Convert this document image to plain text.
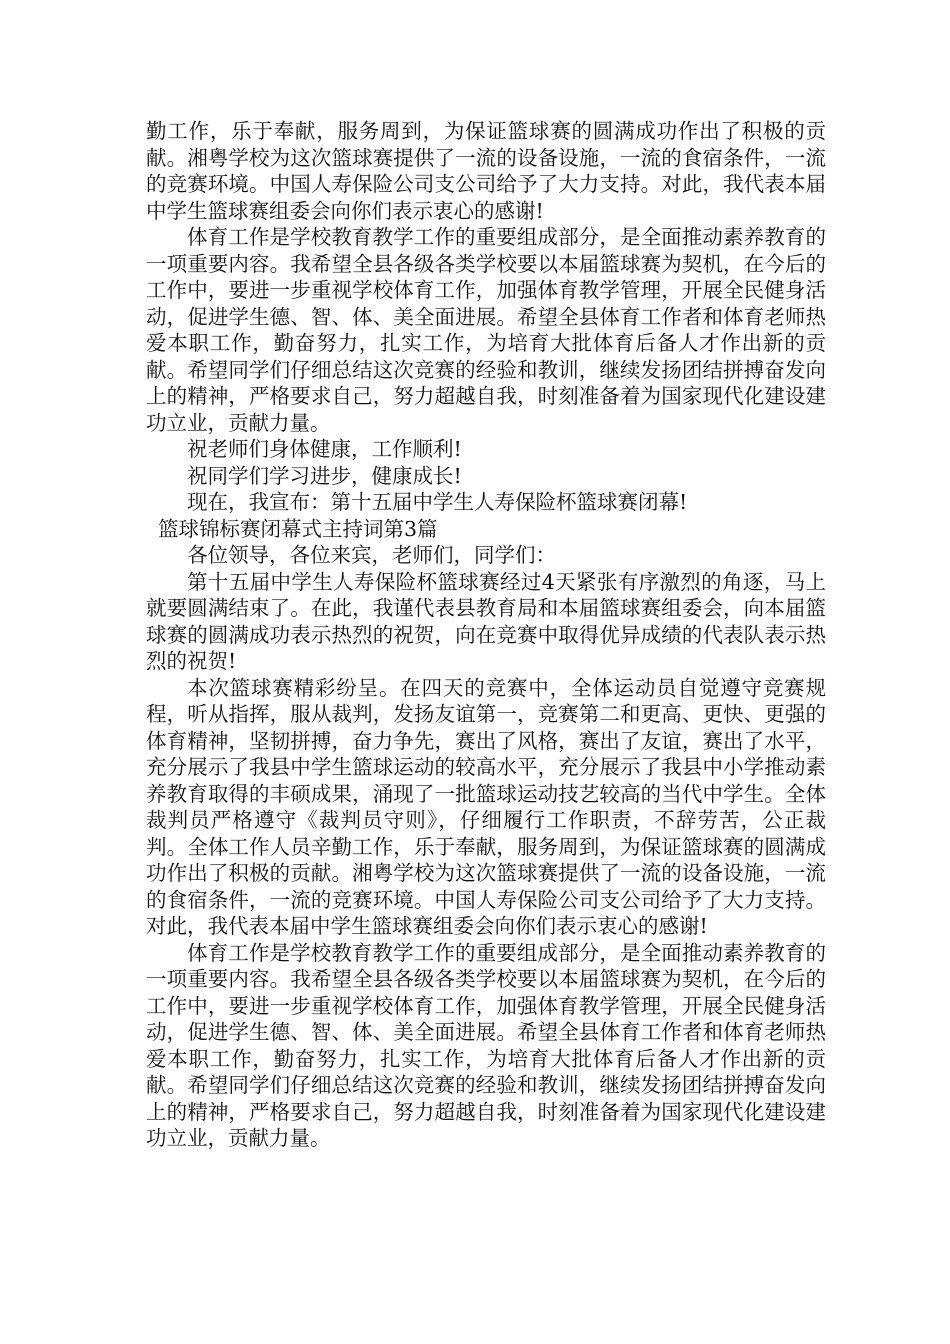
勤工作，乐于奉献，服务周到，为保证篮球赛的圆满成功作出了积极的贡献。湘粤学校为这次篮球赛提供了一流的设备设施，一流的食宿条件，一流的竞赛环境。中国人寿保险公司支公司给予了大力支持。对此，我代表本届中学生篮球赛组委会向你们表示衷心的感谢!

体育工作是学校教育教学工作的重要组成部分，是全面推动素养教育的一项重要内容。我希望全县各级各类学校要以本届篮球赛为契机，在今后的工作中，要进一步重视学校体育工作，加强体育教学管理，开展全民健身活动，促进学生德、智、体、美全面进展。希望全县体育工作者和体育老师热爱本职工作，勤奋努力，扎实工作，为培育大批体育后备人才作出新的贡献。希望同学们仔细总结这次竞赛的经验和教训，继续发扬团结拼搏奋发向上的精神，严格要求自己，努力超越自我，时刻准备着为国家现代化建设建功立业，贡献力量。

祝老师们身体健康，工作顺利!

祝同学们学习进步，健康成长!

现在，我宣布：第十五届中学生人寿保险杯篮球赛闭幕!

篮球锦标赛闭幕式主持词第3篇

各位领导，各位来宾，老师们，同学们：

第十五届中学生人寿保险杯篮球赛经过4天紧张有序激烈的角逐，马上就要圆满结束了。在此，我谨代表县教育局和本届篮球赛组委会，向本届篮球赛的圆满成功表示热烈的祝贺，向在竞赛中取得优异成绩的代表队表示热烈的祝贺!

本次篮球赛精彩纷呈。在四天的竞赛中，全体运动员自觉遵守竞赛规程，听从指挥，服从裁判，发扬友谊第一，竞赛第二和更高、更快、更强的体育精神，坚韧拼搏，奋力争先，赛出了风格，赛出了友谊，赛出了水平，充分展示了我县中学生篮球运动的较高水平，充分展示了我县中小学推动素养教育取得的丰硕成果，涌现了一批篮球运动技艺较高的当代中学生。全体裁判员严格遵守《裁判员守则》，仔细履行工作职责，不辞劳苦，公正裁判。全体工作人员辛勤工作，乐于奉献，服务周到，为保证篮球赛的圆满成功作出了积极的贡献。湘粤学校为这次篮球赛提供了一流的设备设施，一流的食宿条件，一流的竞赛环境。中国人寿保险公司支公司给予了大力支持。对此，我代表本届中学生篮球赛组委会向你们表示衷心的感谢!

体育工作是学校教育教学工作的重要组成部分，是全面推动素养教育的一项重要内容。我希望全县各级各类学校要以本届篮球赛为契机，在今后的工作中，要进一步重视学校体育工作，加强体育教学管理，开展全民健身活动，促进学生德、智、体、美全面进展。希望全县体育工作者和体育老师热爱本职工作，勤奋努力，扎实工作，为培育大批体育后备人才作出新的贡献。希望同学们仔细总结这次竞赛的经验和教训，继续发扬团结拼搏奋发向上的精神，严格要求自己，努力超越自我，时刻准备着为国家现代化建设建功立业，贡献力量。
